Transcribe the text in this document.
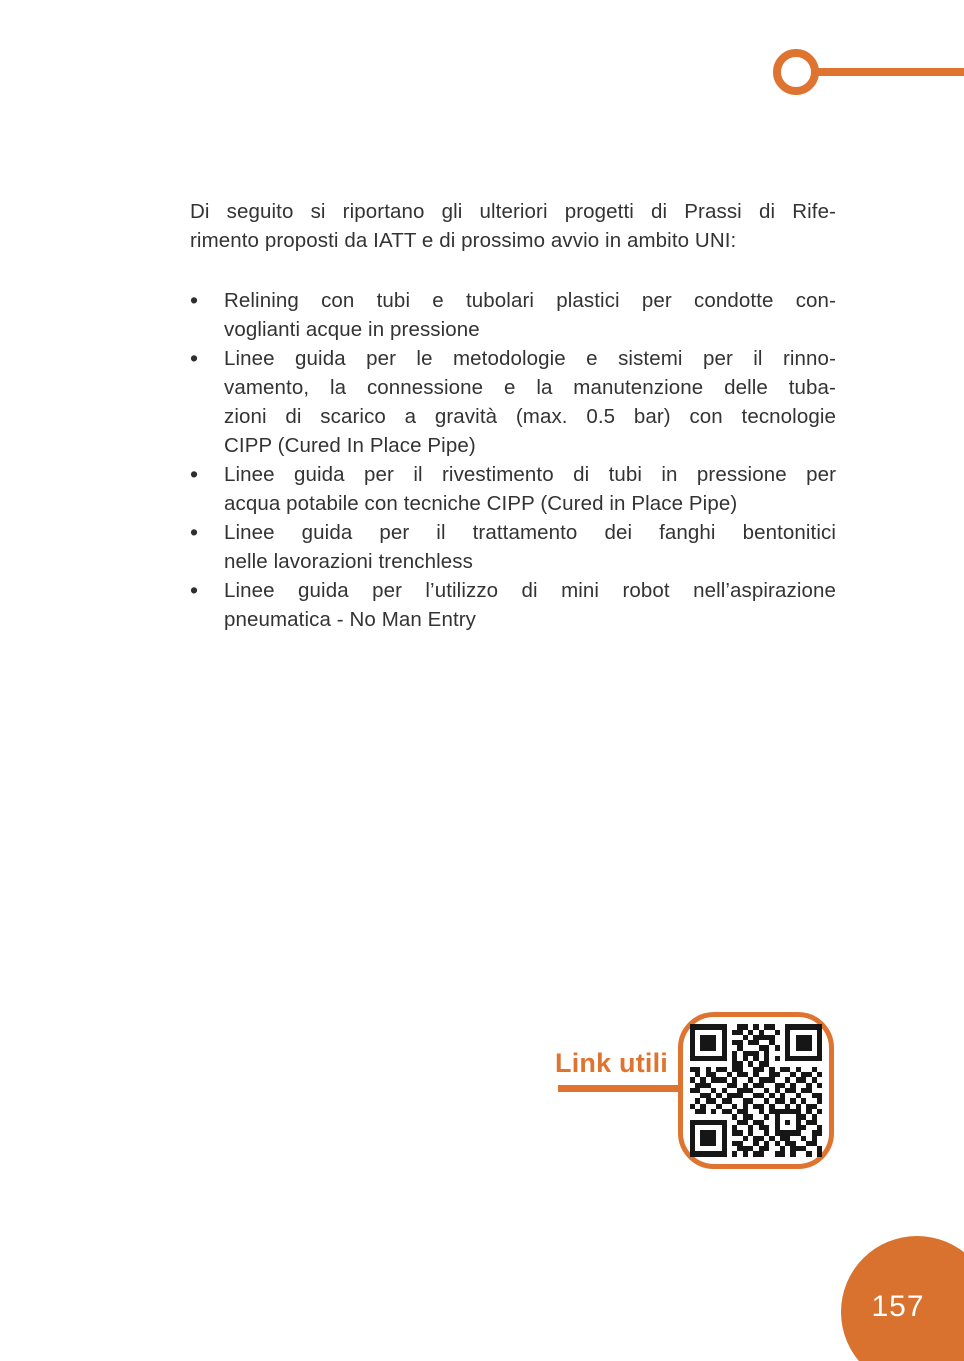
Di seguito si riportano gli ulteriori progetti di Prassi di Rife-
rimento proposti da IATT e di prossimo avvio in ambito UNI:

•	Relining con tubi e tubolari plastici per condotte con-
voglianti acque in pressione
•	Linee guida per le metodologie e sistemi per il rinno-
vamento, la connessione e la manutenzione delle tuba-
zioni di scarico a gravità (max. 0.5 bar) con tecnologie
CIPP (Cured In Place Pipe)
•	Linee guida per il rivestimento di tubi in pressione per
acqua potabile con tecniche CIPP (Cured in Place Pipe)
•	Linee guida per il trattamento dei fanghi bentonitici
nelle lavorazioni trenchless
•	Linee guida per l’utilizzo di mini robot nell’aspirazione
pneumatica - No Man Entry
Link utili
157
